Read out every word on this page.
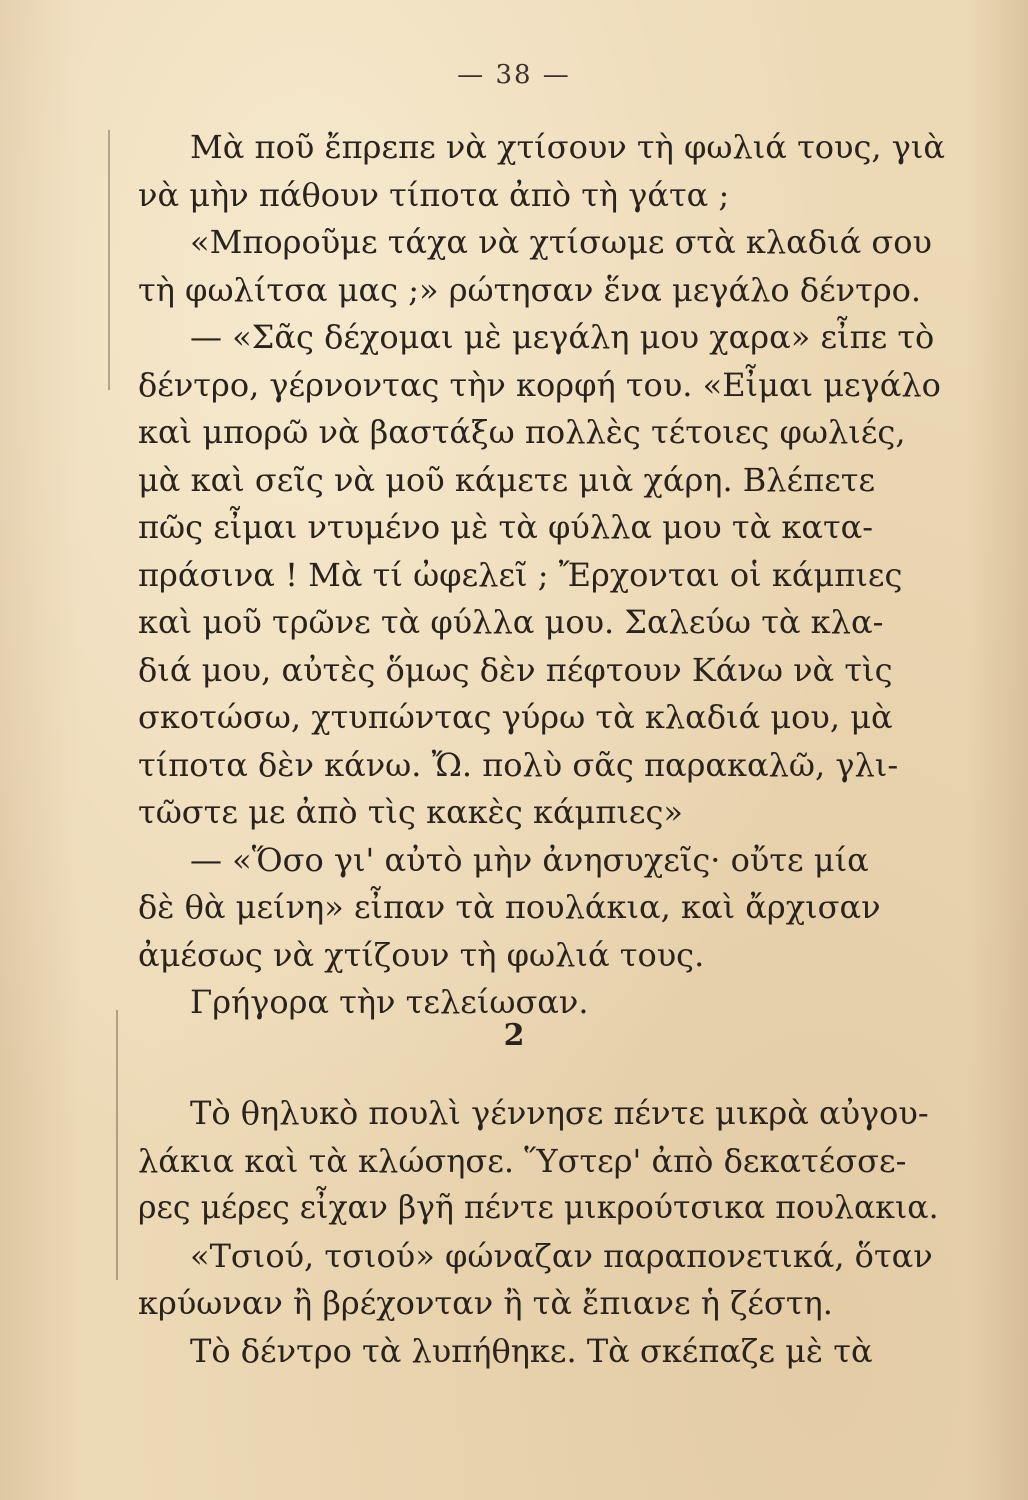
— 38 —
Μὰ ποῦ ἔπρεπε νὰ χτίσουν τὴ φωλιά τους, γιὰ
νὰ μὴν πάθουν τίποτα ἀπὸ τὴ γάτα ;
«Μποροῦμε τάχα νὰ χτίσωμε στὰ κλαδιά σου
τὴ φωλίτσα μας ;» ρώτησαν ἕνα μεγάλο δέντρο.
— «Σᾶς δέχομαι μὲ μεγάλη μου χαρα» εἶπε τὸ
δέντρο, γέρνοντας τὴν κορφή του. «Εἶμαι μεγάλο
καὶ μπορῶ νὰ βαστάξω πολλὲς τέτοιες φωλιές,
μὰ καὶ σεῖς νὰ μοῦ κάμετε μιὰ χάρη. Βλέπετε
πῶς εἶμαι ντυμένο μὲ τὰ φύλλα μου τὰ κατα-
πράσινα ! Μὰ τί ὠφελεῖ ; Ἔρχονται οἱ κάμπιες
καὶ μοῦ τρῶνε τὰ φύλλα μου. Σαλεύω τὰ κλα-
διά μου, αὐτὲς ὅμως δὲν πέφτουν Κάνω νὰ τὶς
σκοτώσω, χτυπώντας γύρω τὰ κλαδιά μου, μὰ
τίποτα δὲν κάνω. Ὤ. πολὺ σᾶς παρακαλῶ, γλι-
τῶστε με ἀπὸ τὶς κακὲς κάμπιες»
— «Ὅσο γι' αὐτὸ μὴν ἀνησυχεῖς· οὔτε μία
δὲ θὰ μείνη» εἶπαν τὰ πουλάκια, καὶ ἄρχισαν
ἀμέσως νὰ χτίζουν τὴ φωλιά τους.
Γρήγορα τὴν τελείωσαν.
2
Τὸ θηλυκὸ πουλὶ γέννησε πέντε μικρὰ αὐγου-
λάκια καὶ τὰ κλώσησε. Ὕστερ' ἀπὸ δεκατέσσε-
ρες μέρες εἶχαν βγῆ πέντε μικρούτσικα πουλακια.
«Τσιού, τσιού» φώναζαν παραπονετικά, ὅταν
κρύωναν ἢ βρέχονταν ἢ τὰ ἔπιανε ἡ ζέστη.
Τὸ δέντρο τὰ λυπήθηκε. Τὰ σκέπαζε μὲ τὰ
